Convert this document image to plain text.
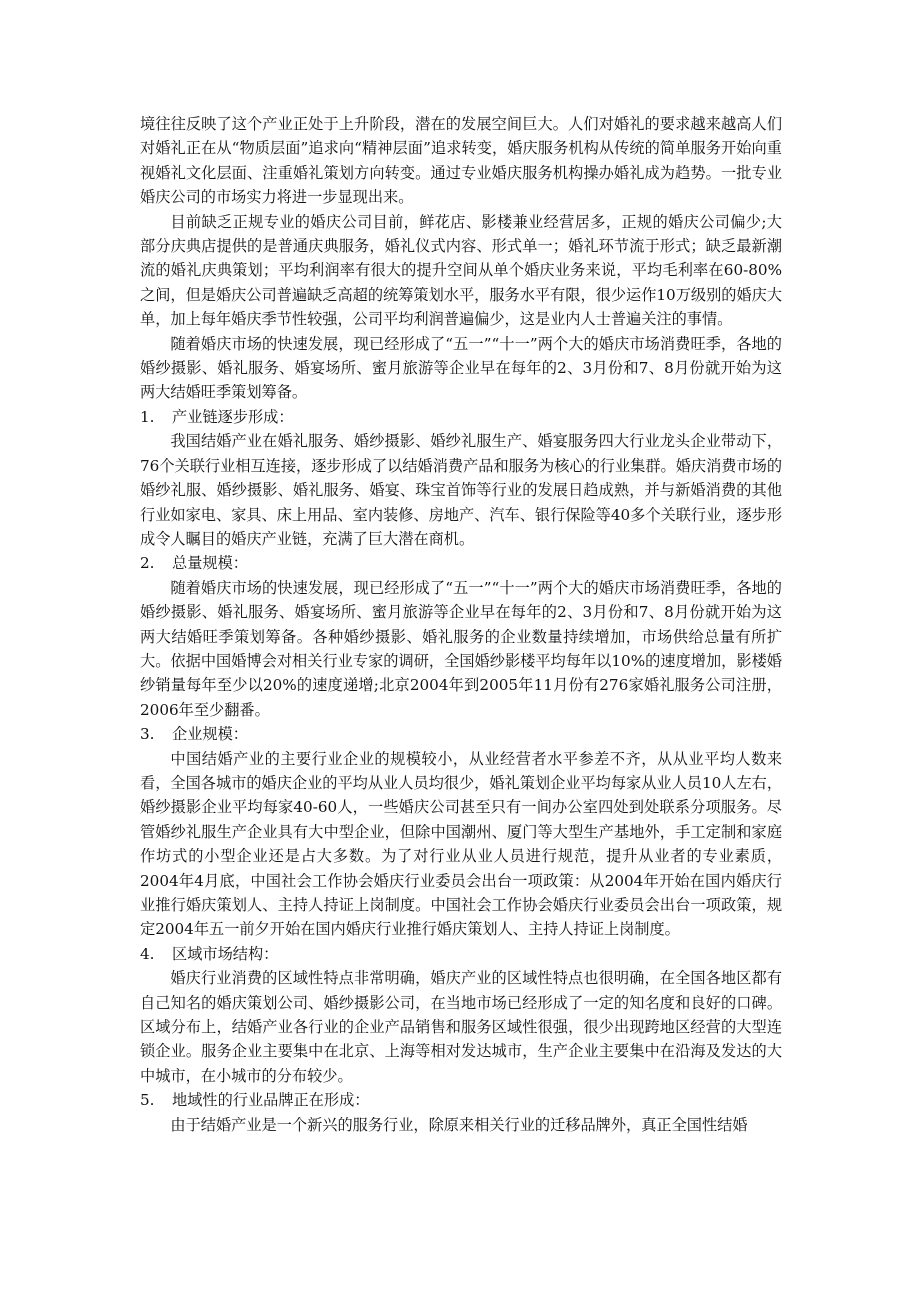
境往往反映了这个产业正处于上升阶段，潜在的发展空间巨大。人们对婚礼的要求越来越高人们对婚礼正在从“物质层面”追求向“精神层面”追求转变，婚庆服务机构从传统的简单服务开始向重视婚礼文化层面、注重婚礼策划方向转变。通过专业婚庆服务机构操办婚礼成为趋势。一批专业婚庆公司的市场实力将进一步显现出来。

目前缺乏正规专业的婚庆公司目前，鲜花店、影楼兼业经营居多，正规的婚庆公司偏少;大部分庆典店提供的是普通庆典服务，婚礼仪式内容、形式单一；婚礼环节流于形式；缺乏最新潮流的婚礼庆典策划；平均利润率有很大的提升空间从单个婚庆业务来说，平均毛利率在60-80%之间，但是婚庆公司普遍缺乏高超的统筹策划水平，服务水平有限，很少运作10万级别的婚庆大单，加上每年婚庆季节性较强，公司平均利润普遍偏少，这是业内人士普遍关注的事情。

随着婚庆市场的快速发展，现已经形成了“五一”“十一”两个大的婚庆市场消费旺季，各地的婚纱摄影、婚礼服务、婚宴场所、蜜月旅游等企业早在每年的2、3月份和7、8月份就开始为这两大结婚旺季策划筹备。

1.	产业链逐步形成：

我国结婚产业在婚礼服务、婚纱摄影、婚纱礼服生产、婚宴服务四大行业龙头企业带动下，76个关联行业相互连接，逐步形成了以结婚消费产品和服务为核心的行业集群。婚庆消费市场的婚纱礼服、婚纱摄影、婚礼服务、婚宴、珠宝首饰等行业的发展日趋成熟，并与新婚消费的其他行业如家电、家具、床上用品、室内装修、房地产、汽车、银行保险等40多个关联行业，逐步形成令人瞩目的婚庆产业链，充满了巨大潜在商机。

2.	总量规模：

随着婚庆市场的快速发展，现已经形成了“五一”“十一”两个大的婚庆市场消费旺季，各地的婚纱摄影、婚礼服务、婚宴场所、蜜月旅游等企业早在每年的2、3月份和7、8月份就开始为这两大结婚旺季策划筹备。各种婚纱摄影、婚礼服务的企业数量持续增加，市场供给总量有所扩大。依据中国婚博会对相关行业专家的调研，全国婚纱影楼平均每年以10%的速度增加，影楼婚纱销量每年至少以20%的速度递增;北京2004年到2005年11月份有276家婚礼服务公司注册，2006年至少翻番。

3.	企业规模：

中国结婚产业的主要行业企业的规模较小，从业经营者水平参差不齐，从从业平均人数来看，全国各城市的婚庆企业的平均从业人员均很少，婚礼策划企业平均每家从业人员10人左右，婚纱摄影企业平均每家40-60人，一些婚庆公司甚至只有一间办公室四处到处联系分项服务。尽管婚纱礼服生产企业具有大中型企业，但除中国潮州、厦门等大型生产基地外，手工定制和家庭作坊式的小型企业还是占大多数。为了对行业从业人员进行规范，提升从业者的专业素质，2004年4月底，中国社会工作协会婚庆行业委员会出台一项政策：从2004年开始在国内婚庆行业推行婚庆策划人、主持人持证上岗制度。中国社会工作协会婚庆行业委员会出台一项政策，规定2004年五一前夕开始在国内婚庆行业推行婚庆策划人、主持人持证上岗制度。

4.	区域市场结构：

婚庆行业消费的区域性特点非常明确，婚庆产业的区域性特点也很明确，在全国各地区都有自己知名的婚庆策划公司、婚纱摄影公司，在当地市场已经形成了一定的知名度和良好的口碑。区域分布上，结婚产业各行业的企业产品销售和服务区域性很强，很少出现跨地区经营的大型连锁企业。服务企业主要集中在北京、上海等相对发达城市，生产企业主要集中在沿海及发达的大中城市，在小城市的分布较少。

5.	地域性的行业品牌正在形成：

由于结婚产业是一个新兴的服务行业，除原来相关行业的迁移品牌外，真正全国性结婚
